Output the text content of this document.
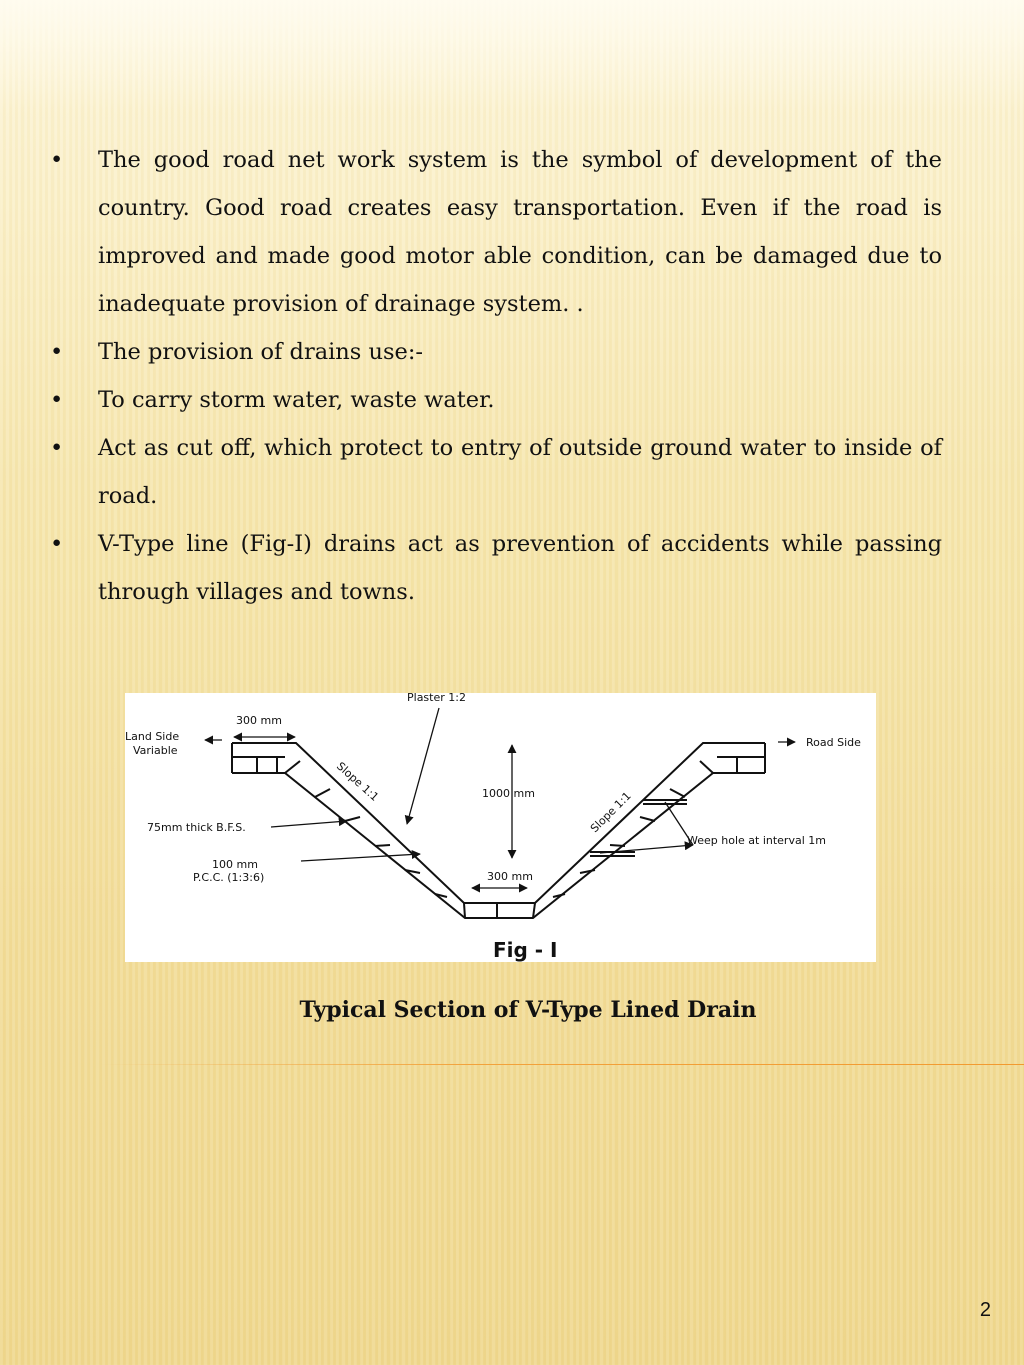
• The good road net work system is the symbol of development of the country. Good road creates easy transportation. Even if the road is improved and made good motor able condition, can be damaged due to inadequate provision of drainage system. .
• The provision of drains use:-
• To carry storm water, waste water.
• Act as cut off, which protect to entry of outside ground water to inside of road.
• V-Type line (Fig-I) drains act as prevention of accidents while passing through villages and towns.
Plaster 1:2
300 mm
Land Side
Variable
Slope 1:1	1000 mm	Slope 1:1
Road Side
75mm thick B.F.S.
100 mm
P.C.C. (1:3:6)	300 mm
Weep hole at interval 1m
Fig - I
Typical Section of V-Type Lined Drain
2
